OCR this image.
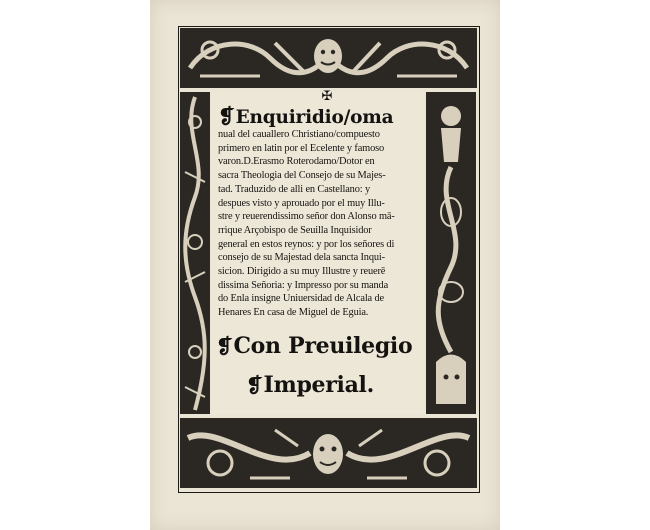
✠
❡Enquiridio/oma
nual del cauallero Christiano/compuesto
primero en latin por el Ecelente y famoso
varon.D.Erasmo Roterodamo/Dotor en
sacra Theologia del Consejo de su Majes-
tad. Traduzido de alli en Castellano: y
despues visto y aprouado por el muy Illu-
stre y reuerendissimo señor don Alonso mā-
rrique Arçobispo de Seuilla Inquisidor
general en estos reynos: y por los señores di
consejo de su Majestad dela sancta Inqui-
sicion. Dirigido a su muy Illustre y reuerē
dissima Señoria: y Impresso por su manda
do Enla insigne Uniuersidad de Alcala de
Henares En casa de Miguel de Eguia.
❡Con Preuilegio
❡Imperial.
